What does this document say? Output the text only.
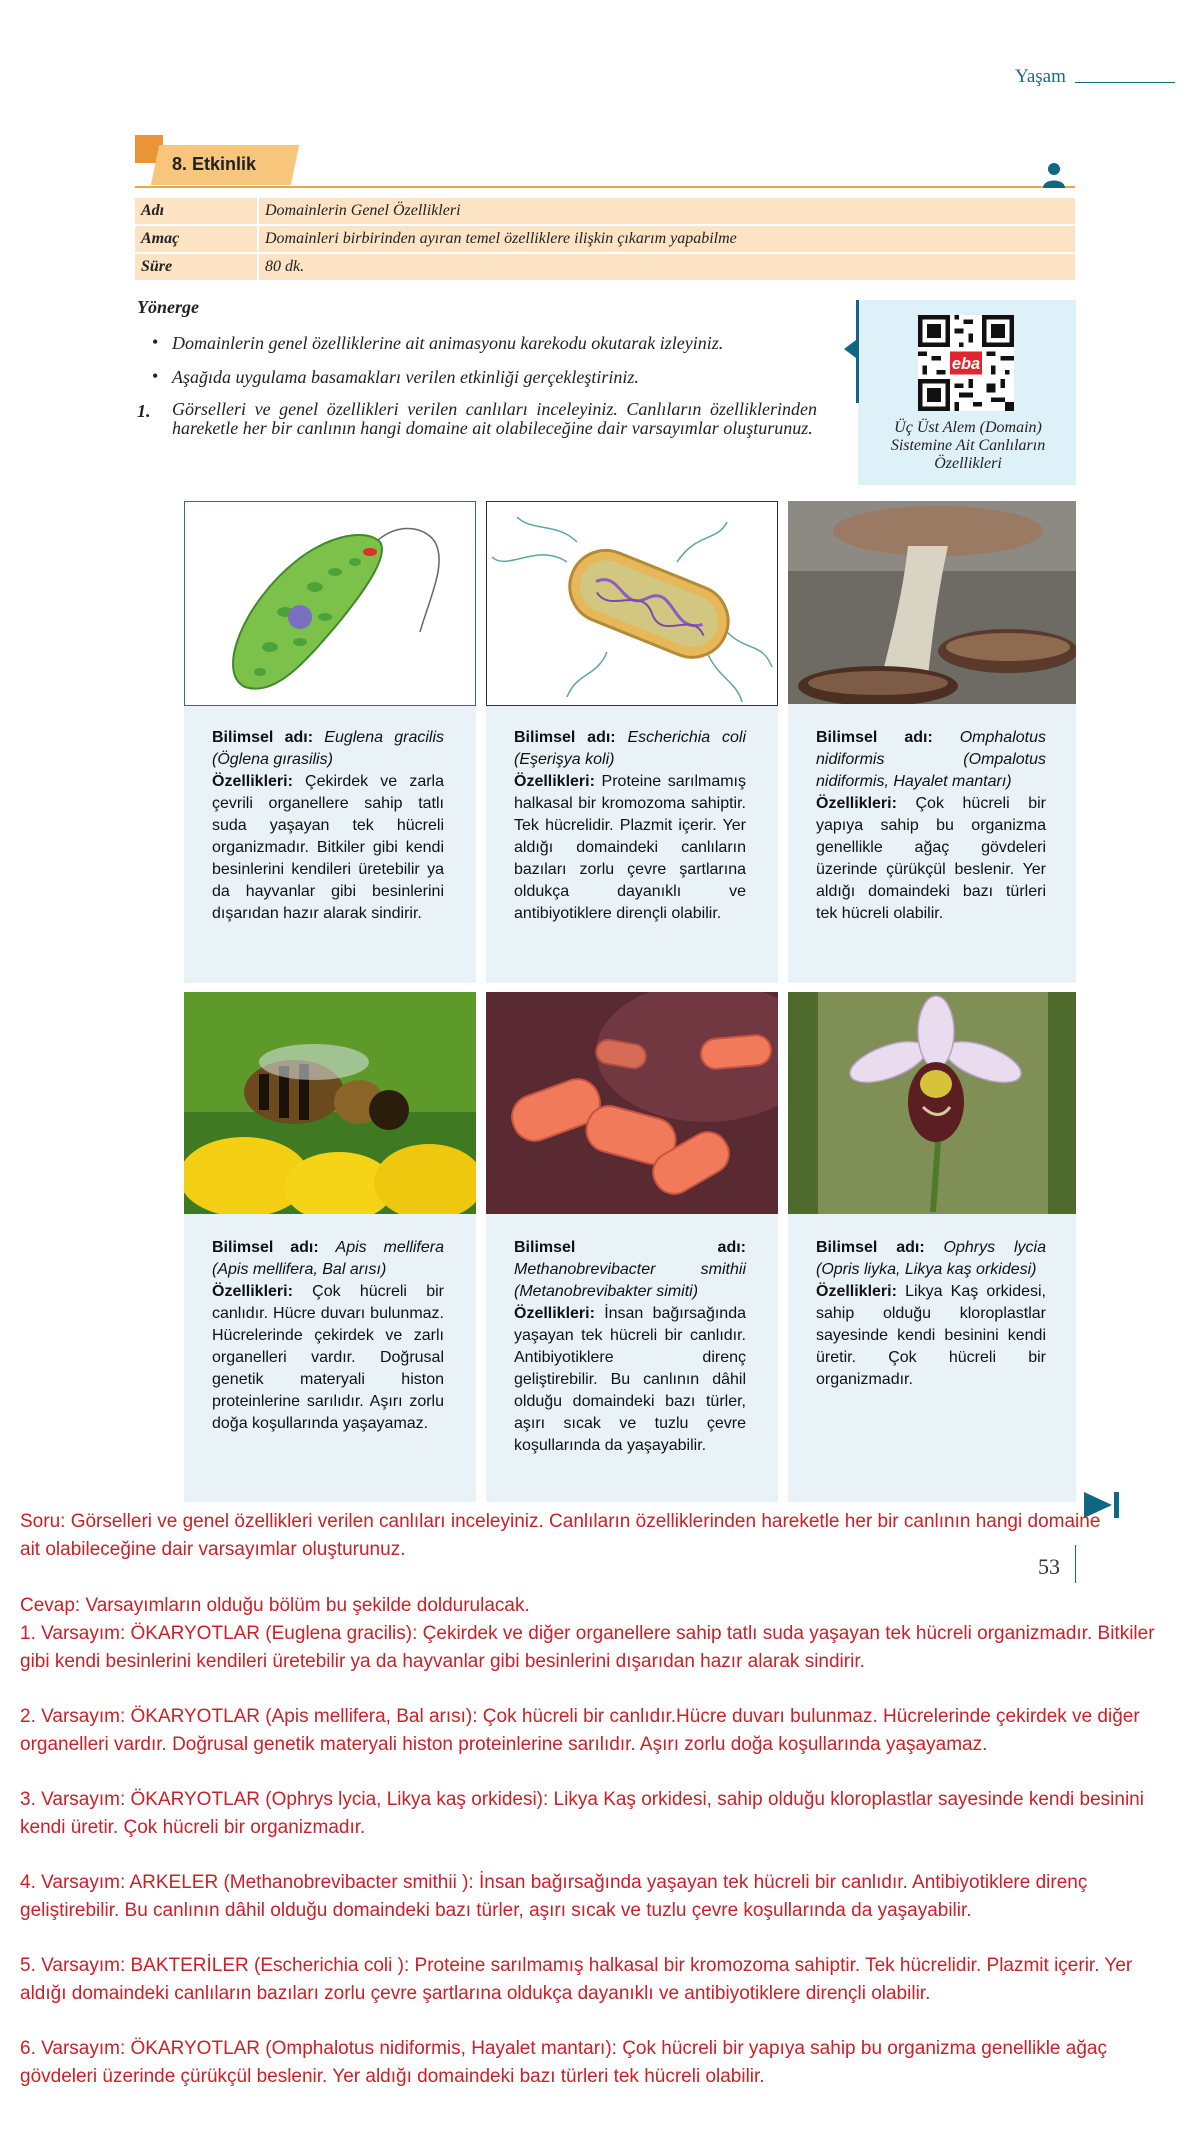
Yaşam
8. Etkinlik
Adı	Domainlerin Genel Özellikleri
Amaç	Domainleri birbirinden ayıran temel özelliklere ilişkin çıkarım yapabilme
Süre	80 dk.
Yönerge
• Domainlerin genel özelliklerine ait animasyonu karekodu okutarak izleyiniz.
• Aşağıda uygulama basamakları verilen etkinliği gerçekleştiriniz.
1. Görselleri ve genel özellikleri verilen canlıları inceleyiniz. Canlıların özelliklerinden hareketle her bir canlının hangi domaine ait olabileceğine dair varsayımlar oluşturunuz.
eba
Üç Üst Alem (Domain) Sistemine Ait Canlıların Özellikleri
Bilimsel adı: Euglena gracilis (Öglena gırasilis)
Özellikleri: Çekirdek ve zarla çevrili organellere sahip tatlı suda yaşayan tek hücreli organizmadır. Bitkiler gibi kendi besinlerini kendileri üretebilir ya da hayvanlar gibi besinlerini dışarıdan hazır alarak sindirir.
Bilimsel adı: Escherichia coli (Eşerişya koli)
Özellikleri: Proteine sarılmamış halkasal bir kromozoma sahiptir. Tek hücrelidir. Plazmit içerir. Yer aldığı domaindeki canlıların bazıları zorlu çevre şartlarına oldukça dayanıklı ve antibiyotiklere dirençli olabilir.
Bilimsel adı: Omphalotus nidiformis	(Ompalotus nidiformis, Hayalet mantarı)
Özellikleri: Çok hücreli bir yapıya sahip bu organizma genellikle ağaç gövdeleri üzerinde çürükçül beslenir. Yer aldığı domaindeki bazı türleri tek hücreli olabilir.
Bilimsel adı: Apis mellifera (Apis mellifera, Bal arısı)
Özellikleri: Çok hücreli bir canlıdır. Hücre duvarı bulunmaz. Hücrelerinde çekirdek ve zarlı organelleri vardır. Doğrusal genetik materyali histon proteinlerine sarılıdır. Aşırı zorlu doğa koşullarında yaşayamaz.
Bilimsel adı: Methanobrevibacter smithii (Metanobrevibakter simiti)
Özellikleri: İnsan bağırsağında yaşayan tek hücreli bir canlıdır. Antibiyotiklere direnç geliştirebilir. Bu canlının dâhil olduğu domaindeki bazı türler, aşırı sıcak ve tuzlu çevre koşullarında da yaşayabilir.
Bilimsel adı: Ophrys lycia (Opris liyka, Likya kaş orkidesi)
Özellikleri: Likya Kaş orkidesi, sahip olduğu kloroplastlar sayesinde kendi besinini kendi üretir. Çok hücreli bir organizmadır.
53
Soru: Görselleri ve genel özellikleri verilen canlıları inceleyiniz. Canlıların özelliklerinden hareketle her bir canlının hangi domaine ait olabileceğine dair varsayımlar oluşturunuz.
Cevap: Varsayımların olduğu bölüm bu şekilde doldurulacak.
1. Varsayım: ÖKARYOTLAR (Euglena gracilis): Çekirdek ve diğer organellere sahip tatlı suda yaşayan tek hücreli organizmadır. Bitkiler gibi kendi besinlerini kendileri üretebilir ya da hayvanlar gibi besinlerini dışarıdan hazır alarak sindirir.
2. Varsayım: ÖKARYOTLAR (Apis mellifera, Bal arısı): Çok hücreli bir canlıdır.Hücre duvarı bulunmaz. Hücrelerinde çekirdek ve diğer organelleri vardır. Doğrusal genetik materyali histon proteinlerine sarılıdır. Aşırı zorlu doğa koşullarında yaşayamaz.
3. Varsayım: ÖKARYOTLAR (Ophrys lycia, Likya kaş orkidesi): Likya Kaş orkidesi, sahip olduğu kloroplastlar sayesinde kendi besinini kendi üretir. Çok hücreli bir organizmadır.
4. Varsayım: ARKELER (Methanobrevibacter smithii ): İnsan bağırsağında yaşayan tek hücreli bir canlıdır. Antibiyotiklere direnç geliştirebilir. Bu canlının dâhil olduğu domaindeki bazı türler, aşırı sıcak ve tuzlu çevre koşullarında da yaşayabilir.
5. Varsayım: BAKTERİLER (Escherichia coli ): Proteine sarılmamış halkasal bir kromozoma sahiptir. Tek hücrelidir. Plazmit içerir. Yer aldığı domaindeki canlıların bazıları zorlu çevre şartlarına oldukça dayanıklı ve antibiyotiklere dirençli olabilir.
6. Varsayım: ÖKARYOTLAR (Omphalotus nidiformis, Hayalet mantarı): Çok hücreli bir yapıya sahip bu organizma genellikle ağaç gövdeleri üzerinde çürükçül beslenir. Yer aldığı domaindeki bazı türleri tek hücreli olabilir.
